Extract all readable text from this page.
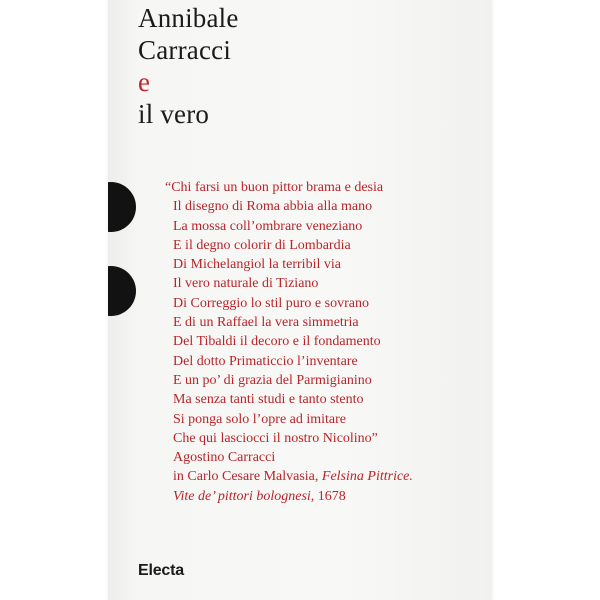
Annibale
Carracci
e
il vero
“Chi farsi un buon pittor brama e desia
Il disegno di Roma abbia alla mano
La mossa coll’ombrare veneziano
E il degno colorir di Lombardia
Di Michelangiol la terribil via
Il vero naturale di Tiziano
Di Correggio lo stil puro e sovrano
E di un Raffael la vera simmetria
Del Tibaldi il decoro e il fondamento
Del dotto Primaticcio l’inventare
E un po’ di grazia del Parmigianino
Ma senza tanti studi e tanto stento
Si ponga solo l’opre ad imitare
Che qui lasciocci il nostro Nicolino”
Agostino Carracci
in Carlo Cesare Malvasia, Felsina Pittrice.
Vite de’ pittori bolognesi, 1678
Electa
